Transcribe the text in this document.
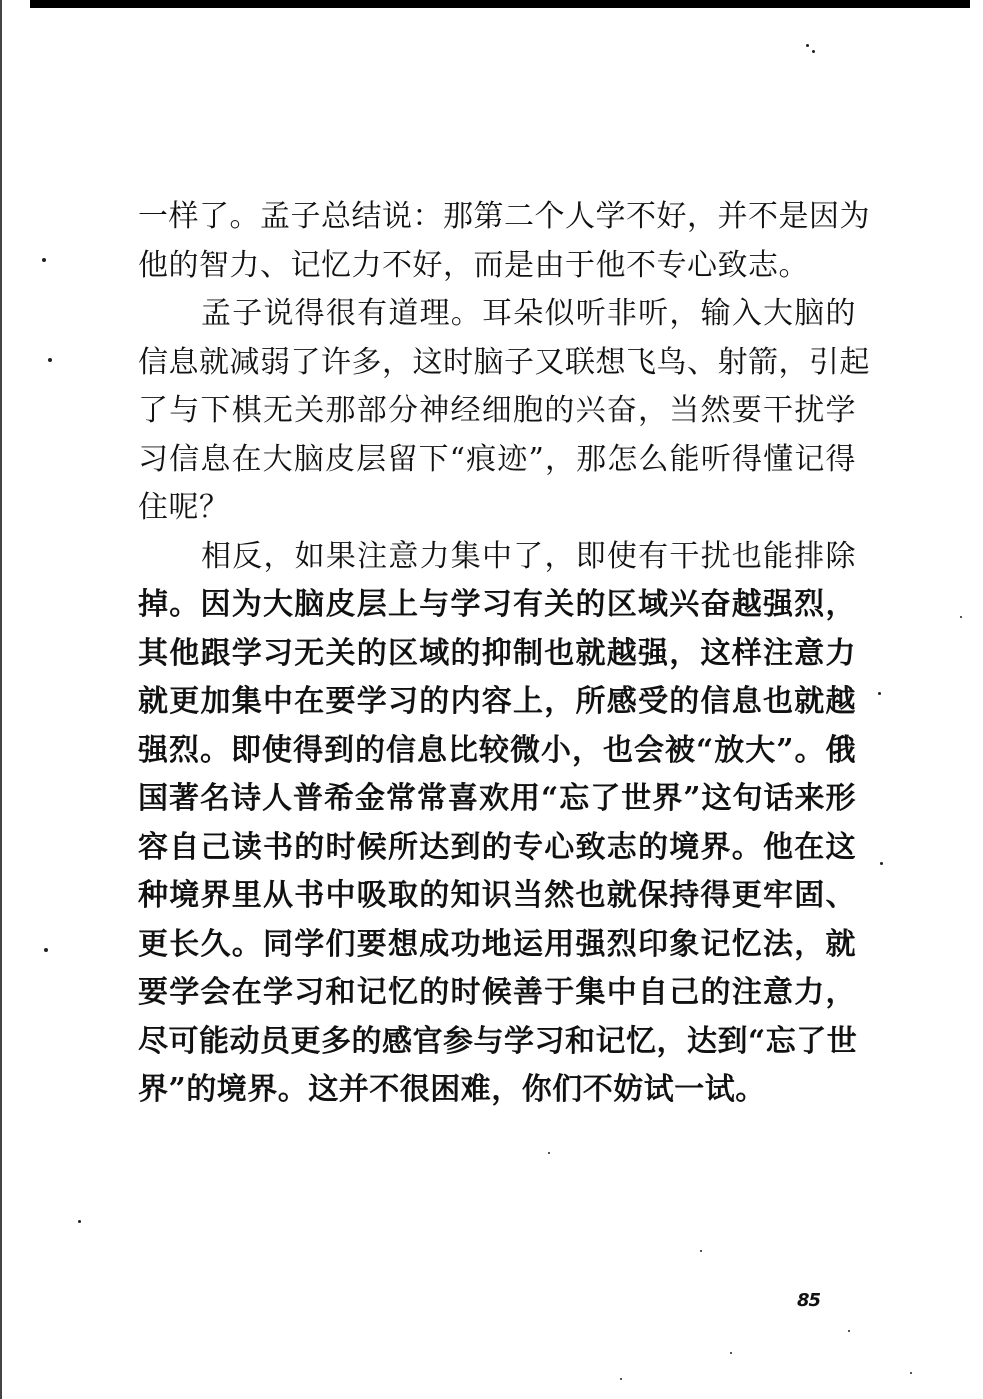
一样了。孟子总结说：那第二个人学不好，并不是因为
他的智力、记忆力不好，而是由于他不专心致志。
孟子说得很有道理。耳朵似听非听，输入大脑的
信息就减弱了许多，这时脑子又联想飞鸟、射箭，引起
了与下棋无关那部分神经细胞的兴奋，当然要干扰学
习信息在大脑皮层留下“痕迹”，那怎么能听得懂记得
住呢？
相反，如果注意力集中了，即使有干扰也能排除
掉。因为大脑皮层上与学习有关的区域兴奋越强烈，
其他跟学习无关的区域的抑制也就越强，这样注意力
就更加集中在要学习的内容上，所感受的信息也就越
强烈。即使得到的信息比较微小，也会被“放大”。俄
国著名诗人普希金常常喜欢用“忘了世界”这句话来形
容自己读书的时候所达到的专心致志的境界。他在这
种境界里从书中吸取的知识当然也就保持得更牢固、
更长久。同学们要想成功地运用强烈印象记忆法，就
要学会在学习和记忆的时候善于集中自己的注意力，
尽可能动员更多的感官参与学习和记忆，达到“忘了世
界”的境界。这并不很困难，你们不妨试一试。
85
